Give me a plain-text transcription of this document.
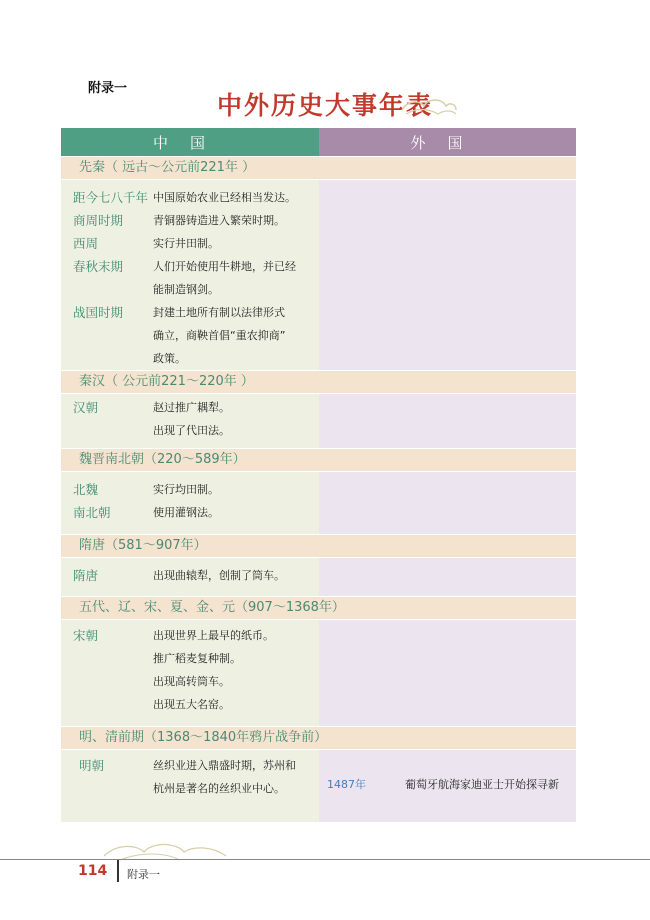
附录一
中外历史大事年表
中国	外国
先秦（ 远古～公元前221年 ）
距今七八千年 中国原始农业已经相当发达。
商周时期	青铜器铸造进入繁荣时期。
西周	实行井田制。
春秋末期	人们开始使用牛耕地，并已经
能制造钢剑。
战国时期	封建土地所有制以法律形式
确立，商鞅首倡“重农抑商”
政策。
秦汉（ 公元前221～220年 ）
汉朝	赵过推广耦犁。
出现了代田法。
魏晋南北朝（220～589年）
北魏	实行均田制。
南北朝	使用灌钢法。
隋唐（581～907年）
隋唐	出现曲辕犁，创制了筒车。
五代、辽、宋、夏、金、元（907～1368年）
宋朝	出现世界上最早的纸币。
推广稻麦复种制。
出现高转筒车。
出现五大名窑。
明、清前期（1368～1840年鸦片战争前）
明朝	丝织业进入鼎盛时期，苏州和
杭州是著名的丝织业中心。	1487年	葡萄牙航海家迪亚士开始探寻新
114 附录一
